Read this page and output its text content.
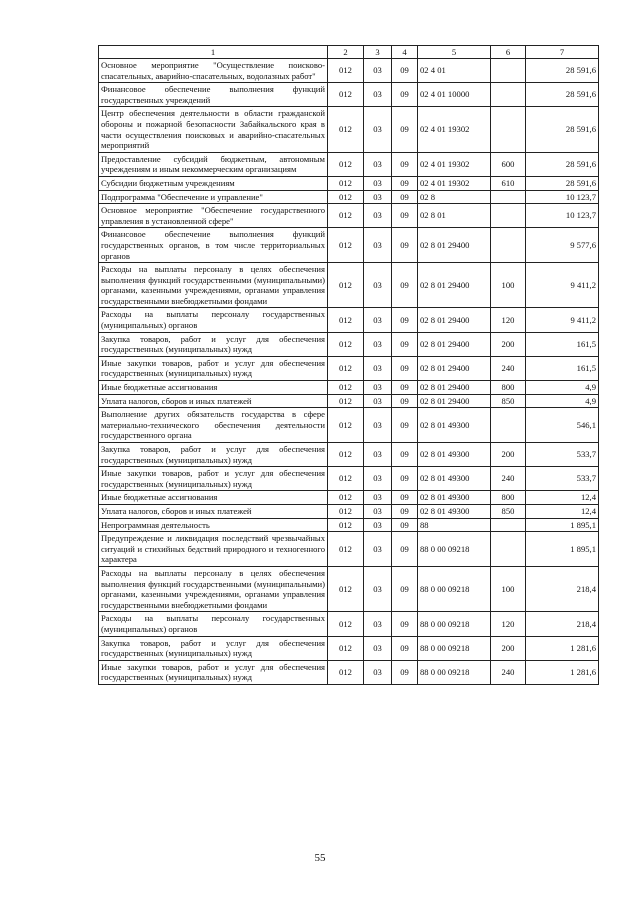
1	2	3	4	5	6	7
Основное мероприятие "Осуществление поисково-спасательных, аварийно-спасательных, водолазных работ"	012	03	09	02 4 01		28 591,6
Финансовое обеспечение выполнения функций государственных учреждений	012	03	09	02 4 01 10000		28 591,6
Центр обеспечения деятельности в области гражданской обороны и пожарной безопасности Забайкальского края в части осуществления поисковых и аварийно-спасательных мероприятий	012	03	09	02 4 01 19302		28 591,6
Предоставление субсидий бюджетным, автономным учреждениям и иным некоммерческим организациям	012	03	09	02 4 01 19302	600	28 591,6
Субсидии бюджетным учреждениям	012	03	09	02 4 01 19302	610	28 591,6
Подпрограмма "Обеспечение и управление"	012	03	09	02 8		10 123,7
Основное мероприятие "Обеспечение государственного управления в установленной сфере"	012	03	09	02 8 01		10 123,7
Финансовое обеспечение выполнения функций государственных органов, в том числе территориальных органов	012	03	09	02 8 01 29400		9 577,6
Расходы на выплаты персоналу в целях обеспечения выполнения функций государственными (муниципальными) органами, казенными учреждениями, органами управления государственными внебюджетными фондами	012	03	09	02 8 01 29400	100	9 411,2
Расходы на выплаты персоналу государственных (муниципальных) органов	012	03	09	02 8 01 29400	120	9 411,2
Закупка товаров, работ и услуг для обеспечения государственных (муниципальных) нужд	012	03	09	02 8 01 29400	200	161,5
Иные закупки товаров, работ и услуг для обеспечения государственных (муниципальных) нужд	012	03	09	02 8 01 29400	240	161,5
Иные бюджетные ассигнования	012	03	09	02 8 01 29400	800	4,9
Уплата налогов, сборов и иных платежей	012	03	09	02 8 01 29400	850	4,9
Выполнение других обязательств государства в сфере материально-технического обеспечения деятельности государственного органа	012	03	09	02 8 01 49300		546,1
Закупка товаров, работ и услуг для обеспечения государственных (муниципальных) нужд	012	03	09	02 8 01 49300	200	533,7
Иные закупки товаров, работ и услуг для обеспечения государственных (муниципальных) нужд	012	03	09	02 8 01 49300	240	533,7
Иные бюджетные ассигнования	012	03	09	02 8 01 49300	800	12,4
Уплата налогов, сборов и иных платежей	012	03	09	02 8 01 49300	850	12,4
Непрограммная деятельность	012	03	09	88		1 895,1
Предупреждение и ликвидация последствий чрезвычайных ситуаций и стихийных бедствий природного и техногенного характера	012	03	09	88 0 00 09218		1 895,1
Расходы на выплаты персоналу в целях обеспечения выполнения функций государственными (муниципальными) органами, казенными учреждениями, органами управления государственными внебюджетными фондами	012	03	09	88 0 00 09218	100	218,4
Расходы на выплаты персоналу государственных (муниципальных) органов	012	03	09	88 0 00 09218	120	218,4
Закупка товаров, работ и услуг для обеспечения государственных (муниципальных) нужд	012	03	09	88 0 00 09218	200	1 281,6
Иные закупки товаров, работ и услуг для обеспечения государственных (муниципальных) нужд	012	03	09	88 0 00 09218	240	1 281,6
55
